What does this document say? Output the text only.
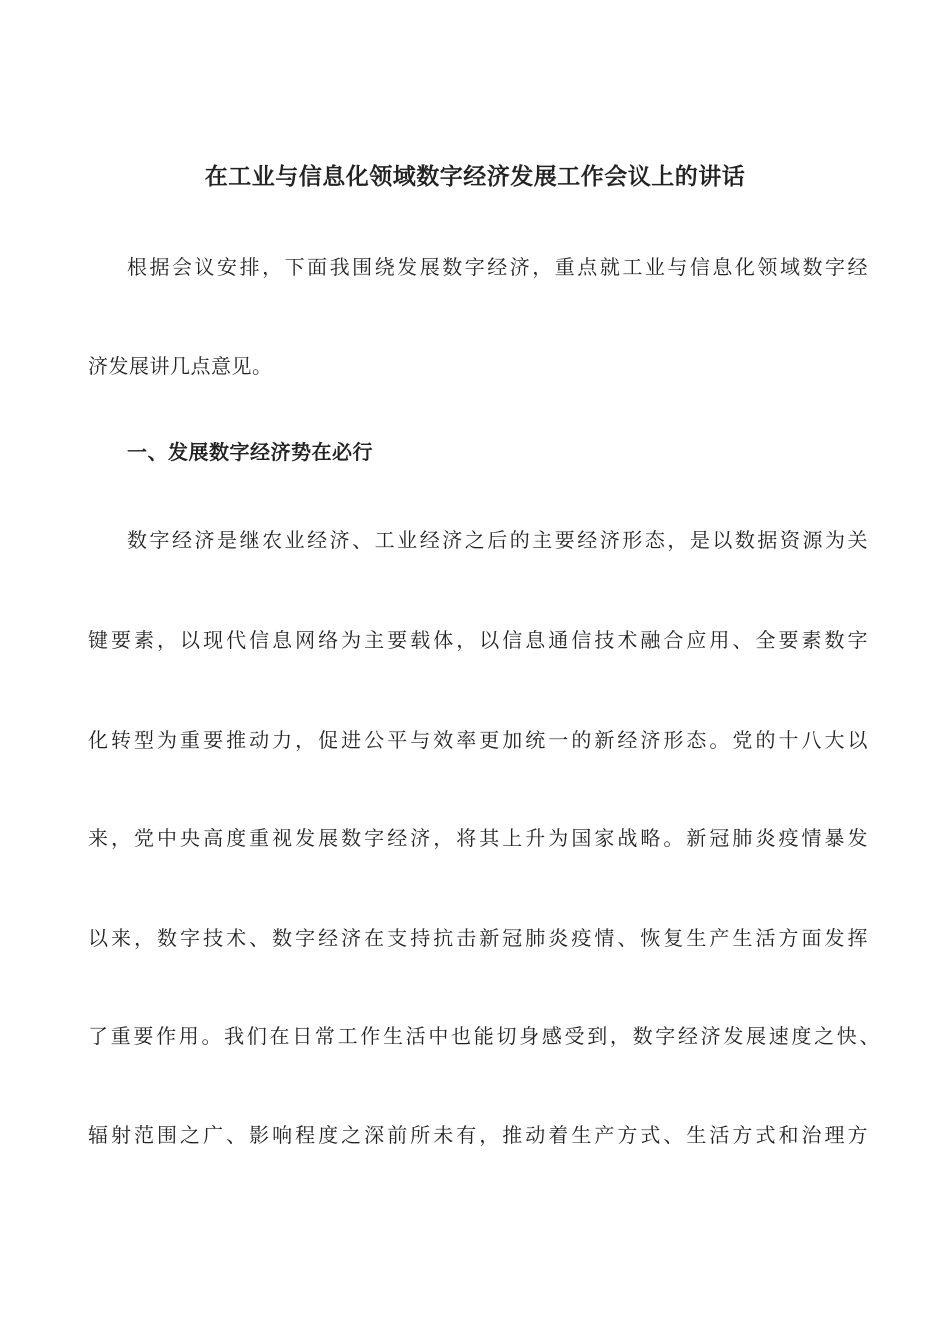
在工业与信息化领域数字经济发展工作会议上的讲话
根据会议安排，下面我围绕发展数字经济，重点就工业与信息化领域数字经
济发展讲几点意见。
一、发展数字经济势在必行
数字经济是继农业经济、工业经济之后的主要经济形态，是以数据资源为关
键要素，以现代信息网络为主要载体，以信息通信技术融合应用、全要素数字
化转型为重要推动力，促进公平与效率更加统一的新经济形态。党的十八大以
来，党中央高度重视发展数字经济，将其上升为国家战略。新冠肺炎疫情暴发
以来，数字技术、数字经济在支持抗击新冠肺炎疫情、恢复生产生活方面发挥
了重要作用。我们在日常工作生活中也能切身感受到，数字经济发展速度之快、
辐射范围之广、影响程度之深前所未有，推动着生产方式、生活方式和治理方
